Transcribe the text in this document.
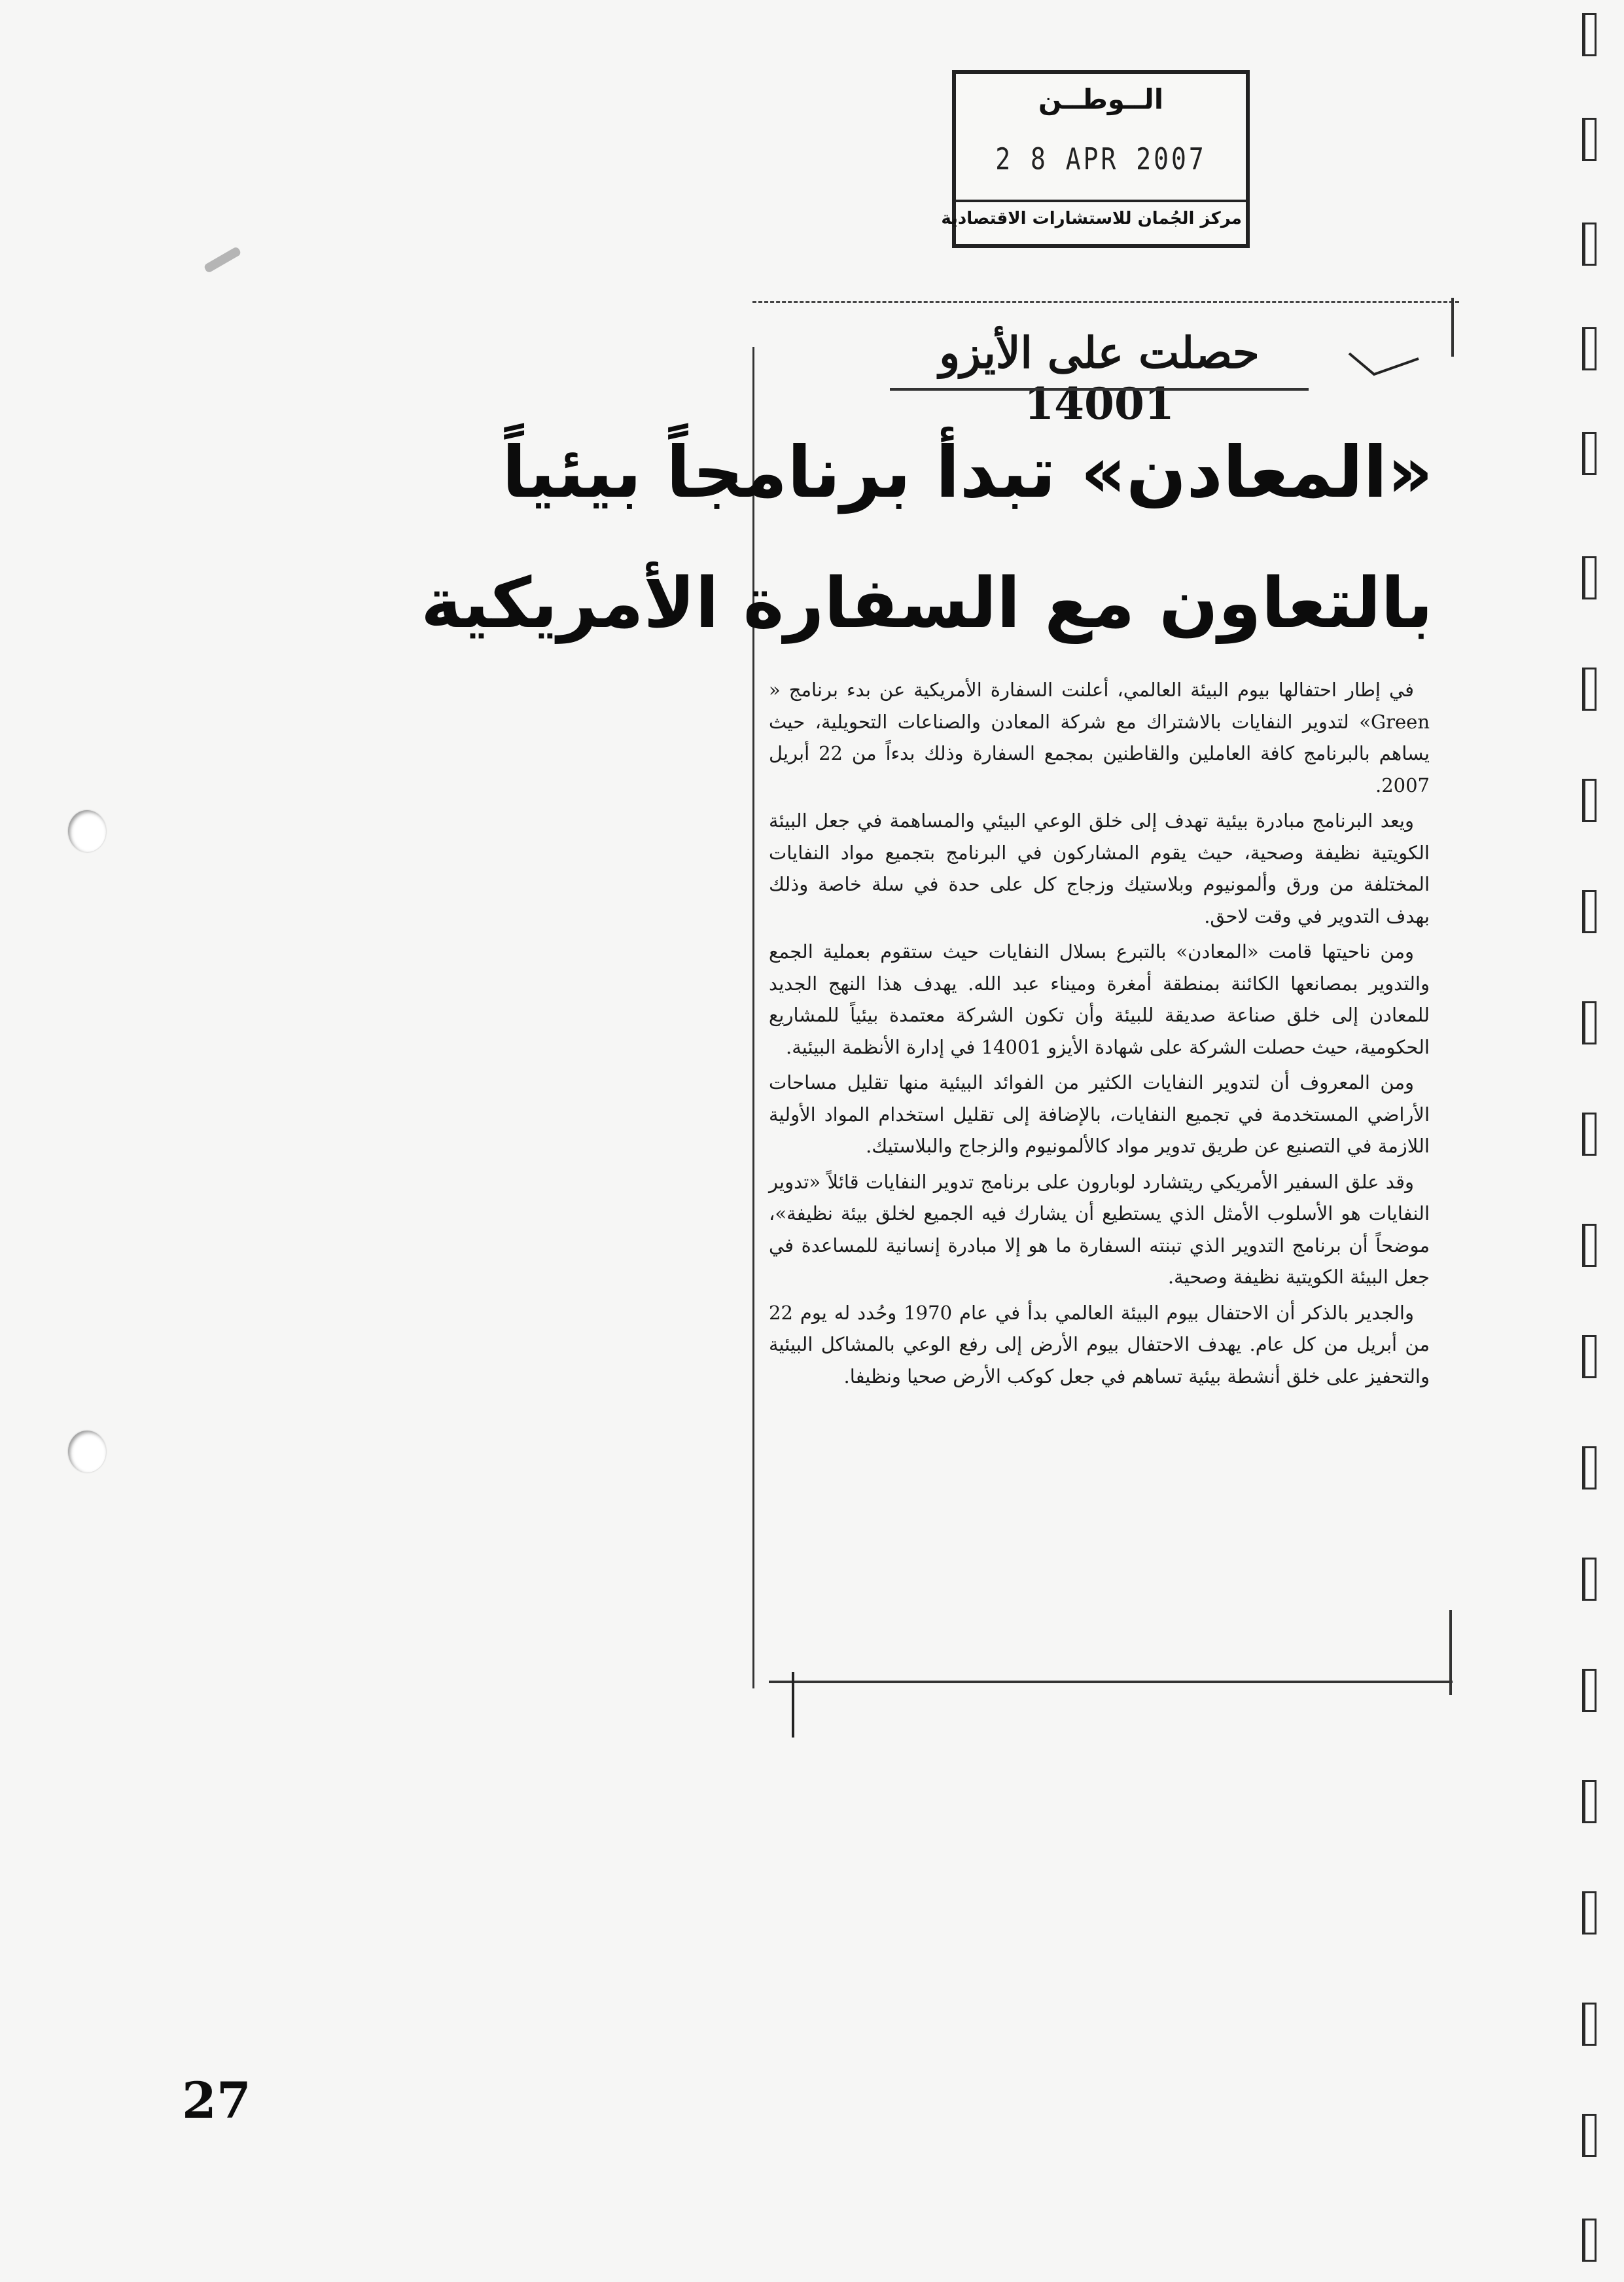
الــوطــن
2 8 APR 2007
مركز الجُمان للاستشارات الاقتصادية
حصلت على الأيزو 14001
«المعادن» تبدأ برنامجاً بيئياً
بالتعاون مع السفارة الأمريكية

في إطار احتفالها بيوم البيئة العالمي، أعلنت السفارة الأمريكية عن بدء برنامج « Green» لتدوير النفايات بالاشتراك مع شركة المعادن والصناعات التحويلية، حيث يساهم بالبرنامج كافة العاملين والقاطنين بمجمع السفارة وذلك بدءاً من 22 أبريل 2007.

ويعد البرنامج مبادرة بيئية تهدف إلى خلق الوعي البيئي والمساهمة في جعل البيئة الكويتية نظيفة وصحية، حيث يقوم المشاركون في البرنامج بتجميع مواد النفايات المختلفة من ورق وألمونيوم وبلاستيك وزجاج كل على حدة في سلة خاصة وذلك بهدف التدوير في وقت لاحق.

ومن ناحيتها قامت «المعادن» بالتبرع بسلال النفايات حيث ستقوم بعملية الجمع والتدوير بمصانعها الكائنة بمنطقة أمغرة وميناء عبد الله. يهدف هذا النهج الجديد للمعادن إلى خلق صناعة صديقة للبيئة وأن تكون الشركة معتمدة بيئياً للمشاريع الحكومية، حيث حصلت الشركة على شهادة الأيزو 14001 في إدارة الأنظمة البيئية.

ومن المعروف أن لتدوير النفايات الكثير من الفوائد البيئية منها تقليل مساحات الأراضي المستخدمة في تجميع النفايات، بالإضافة إلى تقليل استخدام المواد الأولية اللازمة في التصنيع عن طريق تدوير مواد كالألمونيوم والزجاج والبلاستيك.

وقد علق السفير الأمريكي ريتشارد لوبارون على برنامج تدوير النفايات قائلاً «تدوير النفايات هو الأسلوب الأمثل الذي يستطيع أن يشارك فيه الجميع لخلق بيئة نظيفة»، موضحاً أن برنامج التدوير الذي تبنته السفارة ما هو إلا مبادرة إنسانية للمساعدة في جعل البيئة الكويتية نظيفة وصحية.

والجدير بالذكر أن الاحتفال بيوم البيئة العالمي بدأ في عام 1970 وحُدد له يوم 22 من أبريل من كل عام. يهدف الاحتفال بيوم الأرض إلى رفع الوعي بالمشاكل البيئية والتحفيز على خلق أنشطة بيئية تساهم في جعل كوكب الأرض صحيا ونظيفا.

27
